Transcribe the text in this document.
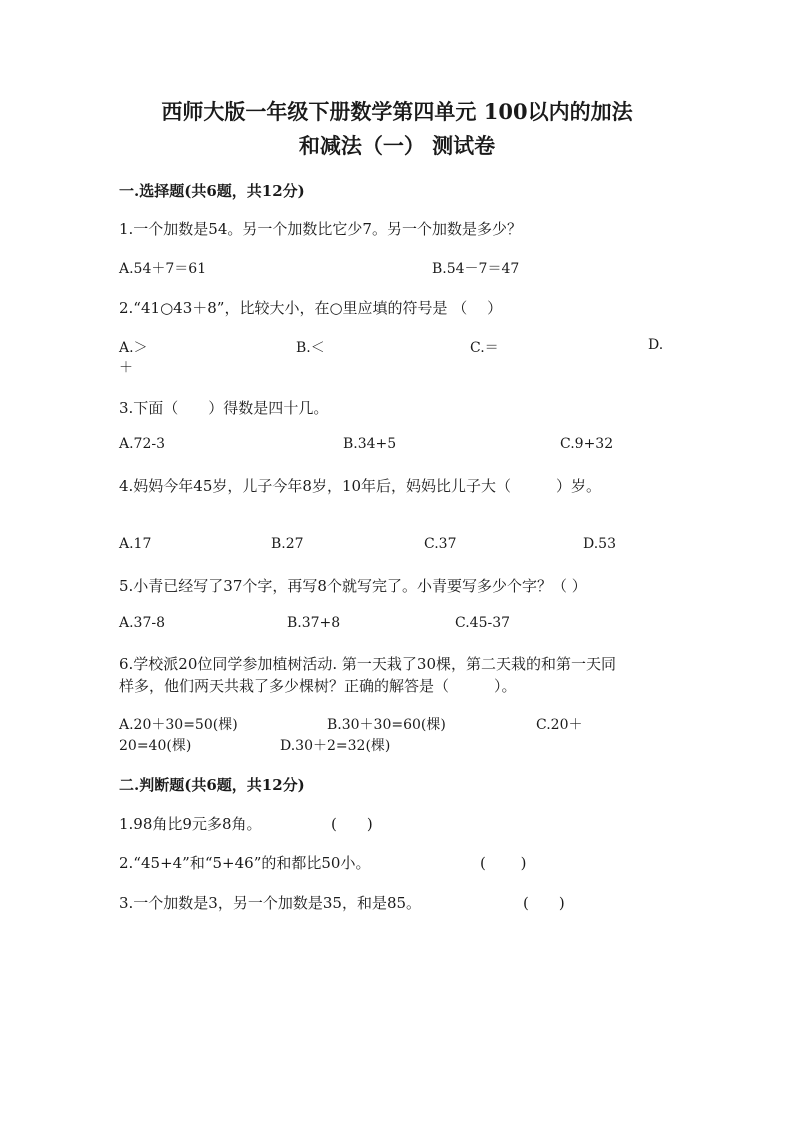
西师大版一年级下册数学第四单元 100以内的加法
和减法（一） 测试卷
一.选择题(共6题，共12分)
1.一个加数是54。另一个加数比它少7。另一个加数是多少？
A.54＋7＝61	B.54－7＝47
2.“41○43＋8”，比较大小，在○里应填的符号是 （　 ）
A.＞	B.＜	C.＝	D.
＋
3.下面（　　）得数是四十几。
A.72-3	B.34+5	C.9+32
4.妈妈今年45岁，儿子今年8岁，10年后，妈妈比儿子大（　　　）岁。
A.17	B.27	C.37	D.53
5.小青已经写了37个字，再写8个就写完了。小青要写多少个字？（ ）
A.37-8	B.37+8	C.45-37
6.学校派20位同学参加植树活动. 第一天栽了30棵，第二天栽的和第一天同
样多，他们两天共栽了多少棵树？正确的解答是（　　　）。
A.20＋30=50(棵)	B.30＋30=60(棵)	C.20＋
20=40(棵)	D.30＋2=32(棵)
二.判断题(共6题，共12分)
1.98角比9元多8角。	(　　)
2.“45+4”和“5+46”的和都比50小。	(　　 )
3.一个加数是3，另一个加数是35，和是85。	(　　)
